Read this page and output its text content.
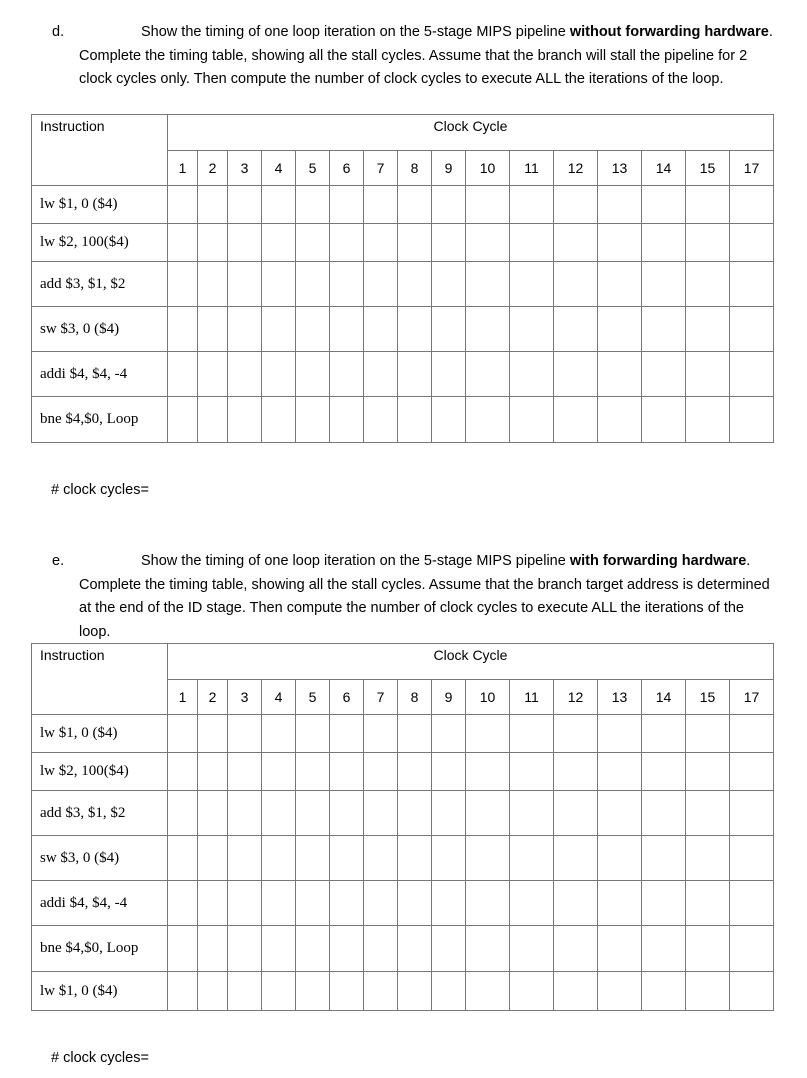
d.	Show the timing of one loop iteration on the 5-stage MIPS pipeline without forwarding hardware. Complete the timing table, showing all the stall cycles. Assume that the branch will stall the pipeline for 2 clock cycles only. Then compute the number of clock cycles to execute ALL the iterations of the loop.
Instruction	Clock Cycle															
	1	2	3	4	5	6	7	8	9	10	11	12	13	14	15	17
lw $1, 0 ($4)																
lw $2, 100($4)																
add $3, $1, $2																
sw $3, 0 ($4)																
addi $4, $4, -4																
bne $4,$0, Loop																
# clock cycles=
e.	Show the timing of one loop iteration on the 5-stage MIPS pipeline with forwarding hardware. Complete the timing table, showing all the stall cycles. Assume that the branch target address is determined at the end of the ID stage. Then compute the number of clock cycles to execute ALL the iterations of the loop.
Instruction	Clock Cycle															
	1	2	3	4	5	6	7	8	9	10	11	12	13	14	15	17
lw $1, 0 ($4)																
lw $2, 100($4)																
add $3, $1, $2																
sw $3, 0 ($4)																
addi $4, $4, -4																
bne $4,$0, Loop																
lw $1, 0 ($4)																
# clock cycles=
